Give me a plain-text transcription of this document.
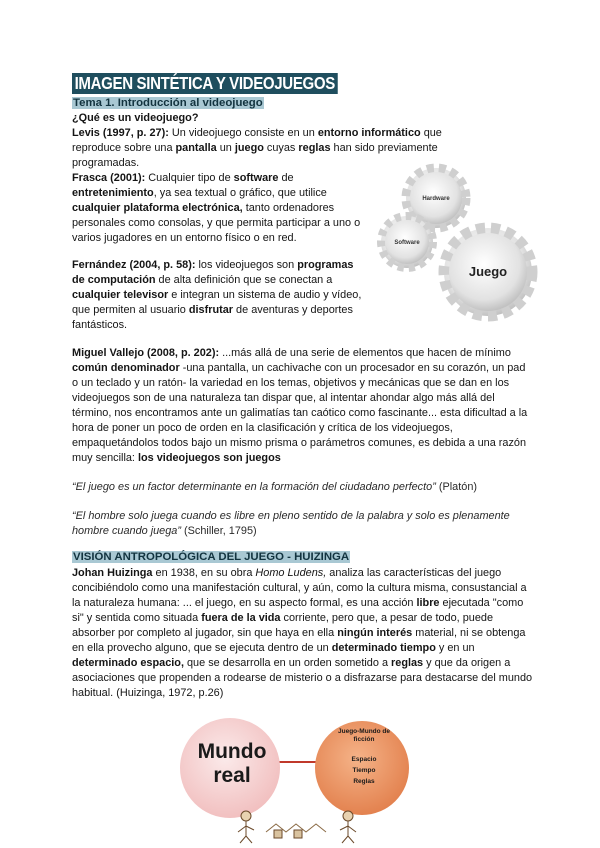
IMAGEN SINTÉTICA Y VIDEOJUEGOS
Tema 1. Introducción al videojuego
¿Qué es un videojuego?
Levis (1997, p. 27): Un videojuego consiste en un entorno informático que reproduce sobre una pantalla un juego cuyas reglas han sido previamente programadas.
Frasca (2001): Cualquier tipo de software de entretenimiento, ya sea textual o gráfico, que utilice cualquier plataforma electrónica, tanto ordenadores personales como consolas, y que permita participar a uno o varios jugadores en un entorno físico o en red.
Fernández (2004, p. 58): los videojuegos son programas de computación de alta definición que se conectan a cualquier televisor e integran un sistema de audio y vídeo, que permiten al usuario disfrutar de aventuras y deportes fantásticos.
Hardware
Software
Juego
Miguel Vallejo (2008, p. 202): ...más allá de una serie de elementos que hacen de mínimo común denominador -una pantalla, un cachivache con un procesador en su corazón, un pad o un teclado y un ratón- la variedad en los temas, objetivos y mecánicas que se dan en los videojuegos son de una naturaleza tan dispar que, al intentar ahondar algo más allá del término, nos encontramos ante un galimatías tan caótico como fascinante... esta dificultad a la hora de poner un poco de orden en la clasificación y crítica de los videojuegos, empaquetándolos todos bajo un mismo prisma o parámetros comunes, es debida a una razón muy sencilla: los videojuegos son juegos
“El juego es un factor determinante en la formación del ciudadano perfecto” (Platón)
“El hombre solo juega cuando es libre en pleno sentido de la palabra y solo es plenamente hombre cuando juega” (Schiller, 1795)
VISIÓN ANTROPOLÓGICA DEL JUEGO - HUIZINGA
Johan Huizinga en 1938, en su obra Homo Ludens, analiza las características del juego concibiéndolo como una manifestación cultural, y aún, como la cultura misma, consustancial a la naturaleza humana: ... el juego, en su aspecto formal, es una acción libre ejecutada "como si" y sentida como situada fuera de la vida corriente, pero que, a pesar de todo, puede absorber por completo al jugador, sin que haya en ella ningún interés material, ni se obtenga en ella provecho alguno, que se ejecuta dentro de un determinado tiempo y en un determinado espacio, que se desarrolla en un orden sometido a reglas y que da origen a asociaciones que propenden a rodearse de misterio o a disfrazarse para destacarse del mundo habitual. (Huizinga, 1972, p.26)
Mundo
real
Juego-Mundo de
ficción
Espacio
Tiempo
Reglas
